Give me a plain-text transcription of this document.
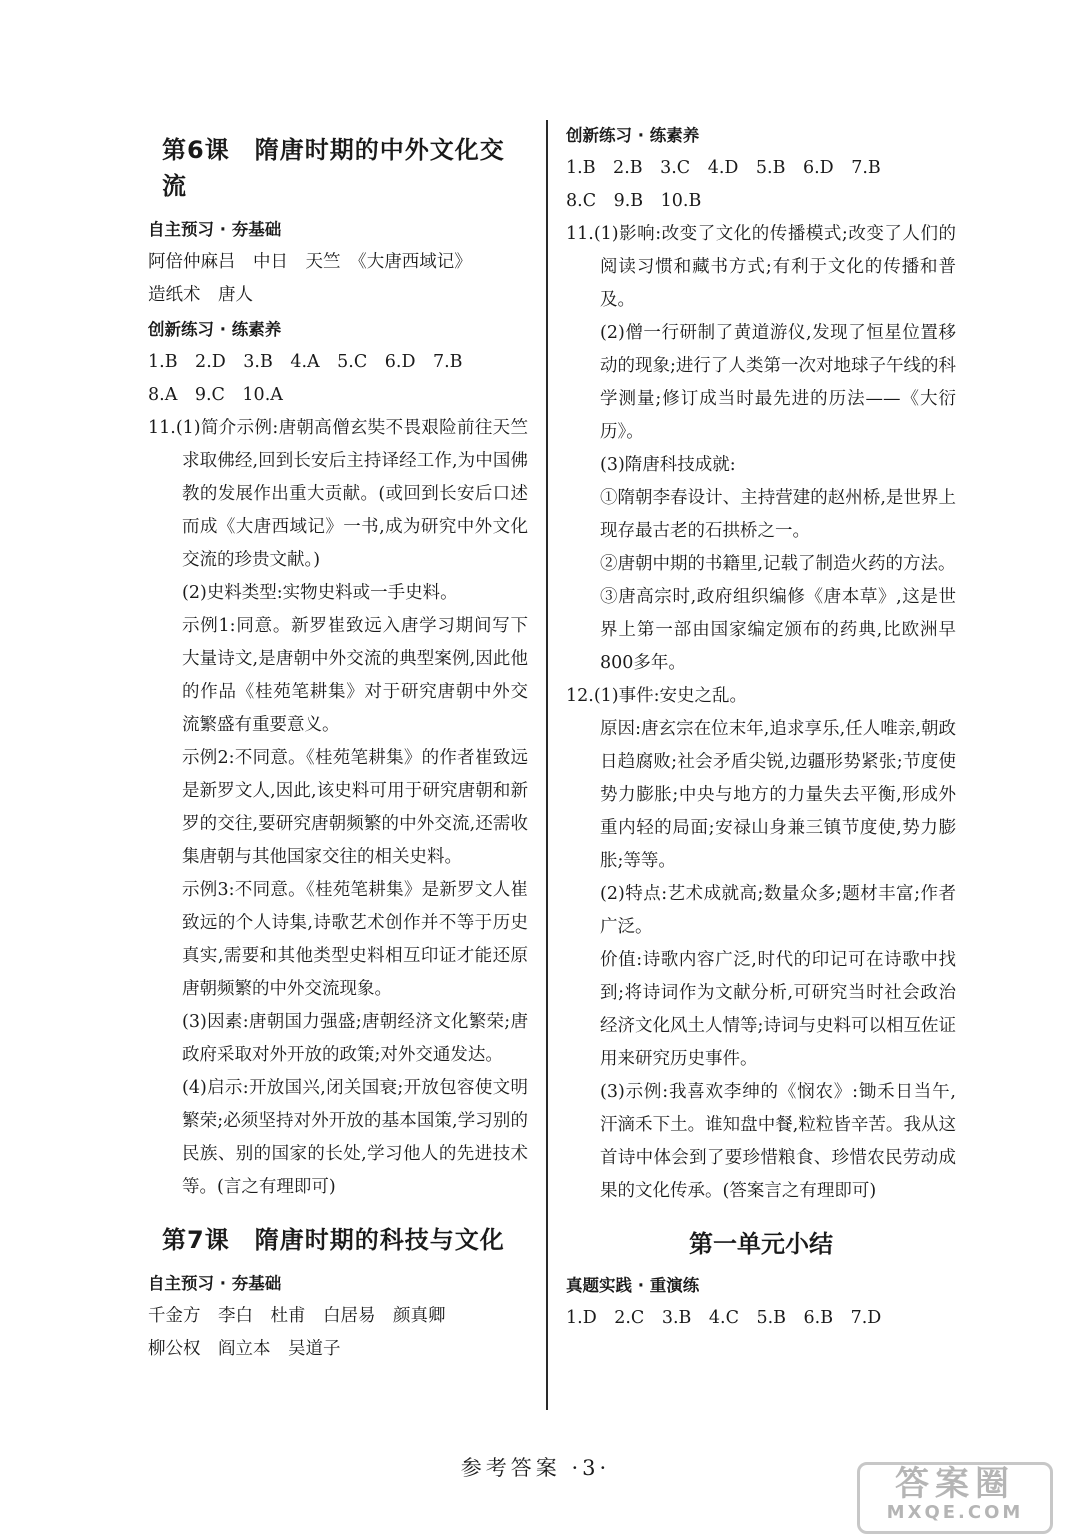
第6课　隋唐时期的中外文化交流
自主预习 · 夯基础
阿倍仲麻吕　中日　天竺　《大唐西域记》
造纸术　唐人
创新练习 · 练素养
1.B　2.D　3.B　4.A　5.C　6.D　7.B
8.A　9.C　10.A
11.(1)简介示例:唐朝高僧玄奘不畏艰险前往天竺求取佛经,回到长安后主持译经工作,为中国佛教的发展作出重大贡献。(或回到长安后口述而成《大唐西域记》一书,成为研究中外文化交流的珍贵文献。)
(2)史料类型:实物史料或一手史料。
示例1:同意。新罗崔致远入唐学习期间写下大量诗文,是唐朝中外交流的典型案例,因此他的作品《桂苑笔耕集》对于研究唐朝中外交流繁盛有重要意义。
示例2:不同意。《桂苑笔耕集》的作者崔致远是新罗文人,因此,该史料可用于研究唐朝和新罗的交往,要研究唐朝频繁的中外交流,还需收集唐朝与其他国家交往的相关史料。
示例3:不同意。《桂苑笔耕集》是新罗文人崔致远的个人诗集,诗歌艺术创作并不等于历史真实,需要和其他类型史料相互印证才能还原唐朝频繁的中外交流现象。
(3)因素:唐朝国力强盛;唐朝经济文化繁荣;唐政府采取对外开放的政策;对外交通发达。
(4)启示:开放国兴,闭关国衰;开放包容使文明繁荣;必须坚持对外开放的基本国策,学习别的民族、别的国家的长处,学习他人的先进技术等。(言之有理即可)
第7课　隋唐时期的科技与文化
自主预习 · 夯基础
千金方　李白　杜甫　白居易　颜真卿
柳公权　阎立本　吴道子
创新练习 · 练素养
1.B　2.B　3.C　4.D　5.B　6.D　7.B
8.C　9.B　10.B
11.(1)影响:改变了文化的传播模式;改变了人们的阅读习惯和藏书方式;有利于文化的传播和普及。
(2)僧一行研制了黄道游仪,发现了恒星位置移动的现象;进行了人类第一次对地球子午线的科学测量;修订成当时最先进的历法——《大衍历》。
(3)隋唐科技成就:
①隋朝李春设计、主持营建的赵州桥,是世界上现存最古老的石拱桥之一。
②唐朝中期的书籍里,记载了制造火药的方法。
③唐高宗时,政府组织编修《唐本草》,这是世界上第一部由国家编定颁布的药典,比欧洲早800多年。
12.(1)事件:安史之乱。
原因:唐玄宗在位末年,追求享乐,任人唯亲,朝政日趋腐败;社会矛盾尖锐,边疆形势紧张;节度使势力膨胀;中央与地方的力量失去平衡,形成外重内轻的局面;安禄山身兼三镇节度使,势力膨胀;等等。
(2)特点:艺术成就高;数量众多;题材丰富;作者广泛。
价值:诗歌内容广泛,时代的印记可在诗歌中找到;将诗词作为文献分析,可研究当时社会政治经济文化风土人情等;诗词与史料可以相互佐证用来研究历史事件。
(3)示例:我喜欢李绅的《悯农》:锄禾日当午,汗滴禾下土。谁知盘中餐,粒粒皆辛苦。我从这首诗中体会到了要珍惜粮食、珍惜农民劳动成果的文化传承。(答案言之有理即可)
第一单元小结
真题实践 · 重演练
1.D　2.C　3.B　4.C　5.B　6.B　7.D
参考答案 ·3·	答案圈
MXQE.COM
